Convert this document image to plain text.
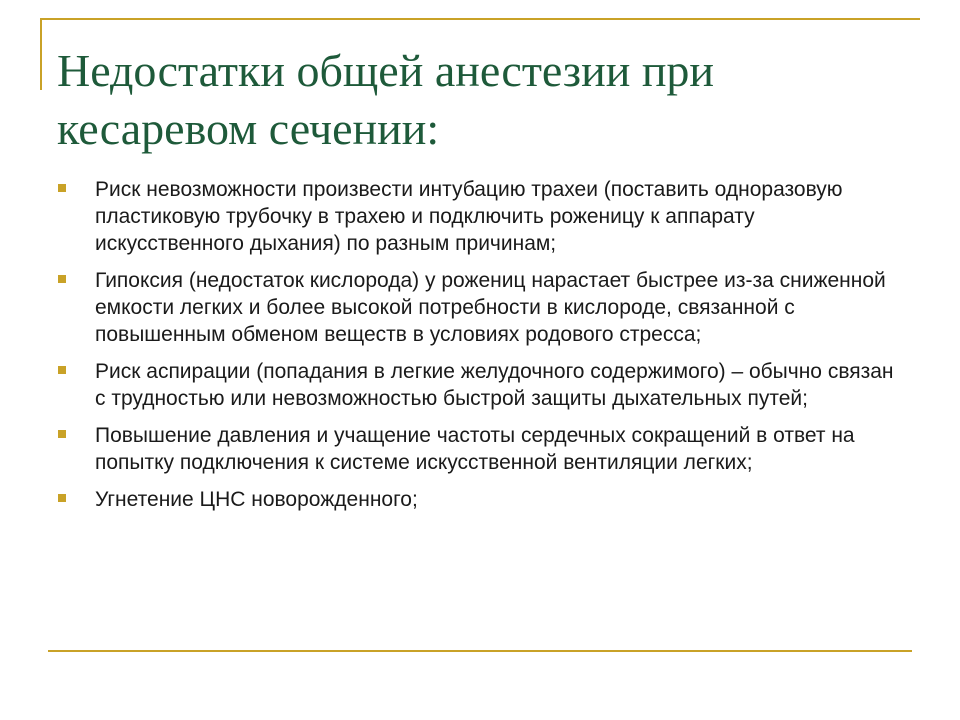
Недостатки общей анестезии при кесаревом сечении:
Риск невозможности произвести интубацию трахеи (поставить одноразовую пластиковую трубочку в трахею и подключить роженицу к аппарату искусственного дыхания) по разным причинам;
Гипоксия (недостаток кислорода) у рожениц нарастает быстрее из-за сниженной емкости легких и более высокой потребности в кислороде, связанной с повышенным обменом веществ в условиях родового стресса;
Риск аспирации (попадания в легкие желудочного содержимого) – обычно связан с трудностью или невозможностью быстрой защиты дыхательных путей;
Повышение давления и учащение частоты сердечных сокращений в ответ на попытку подключения к системе искусственной вентиляции легких;
Угнетение ЦНС новорожденного;
